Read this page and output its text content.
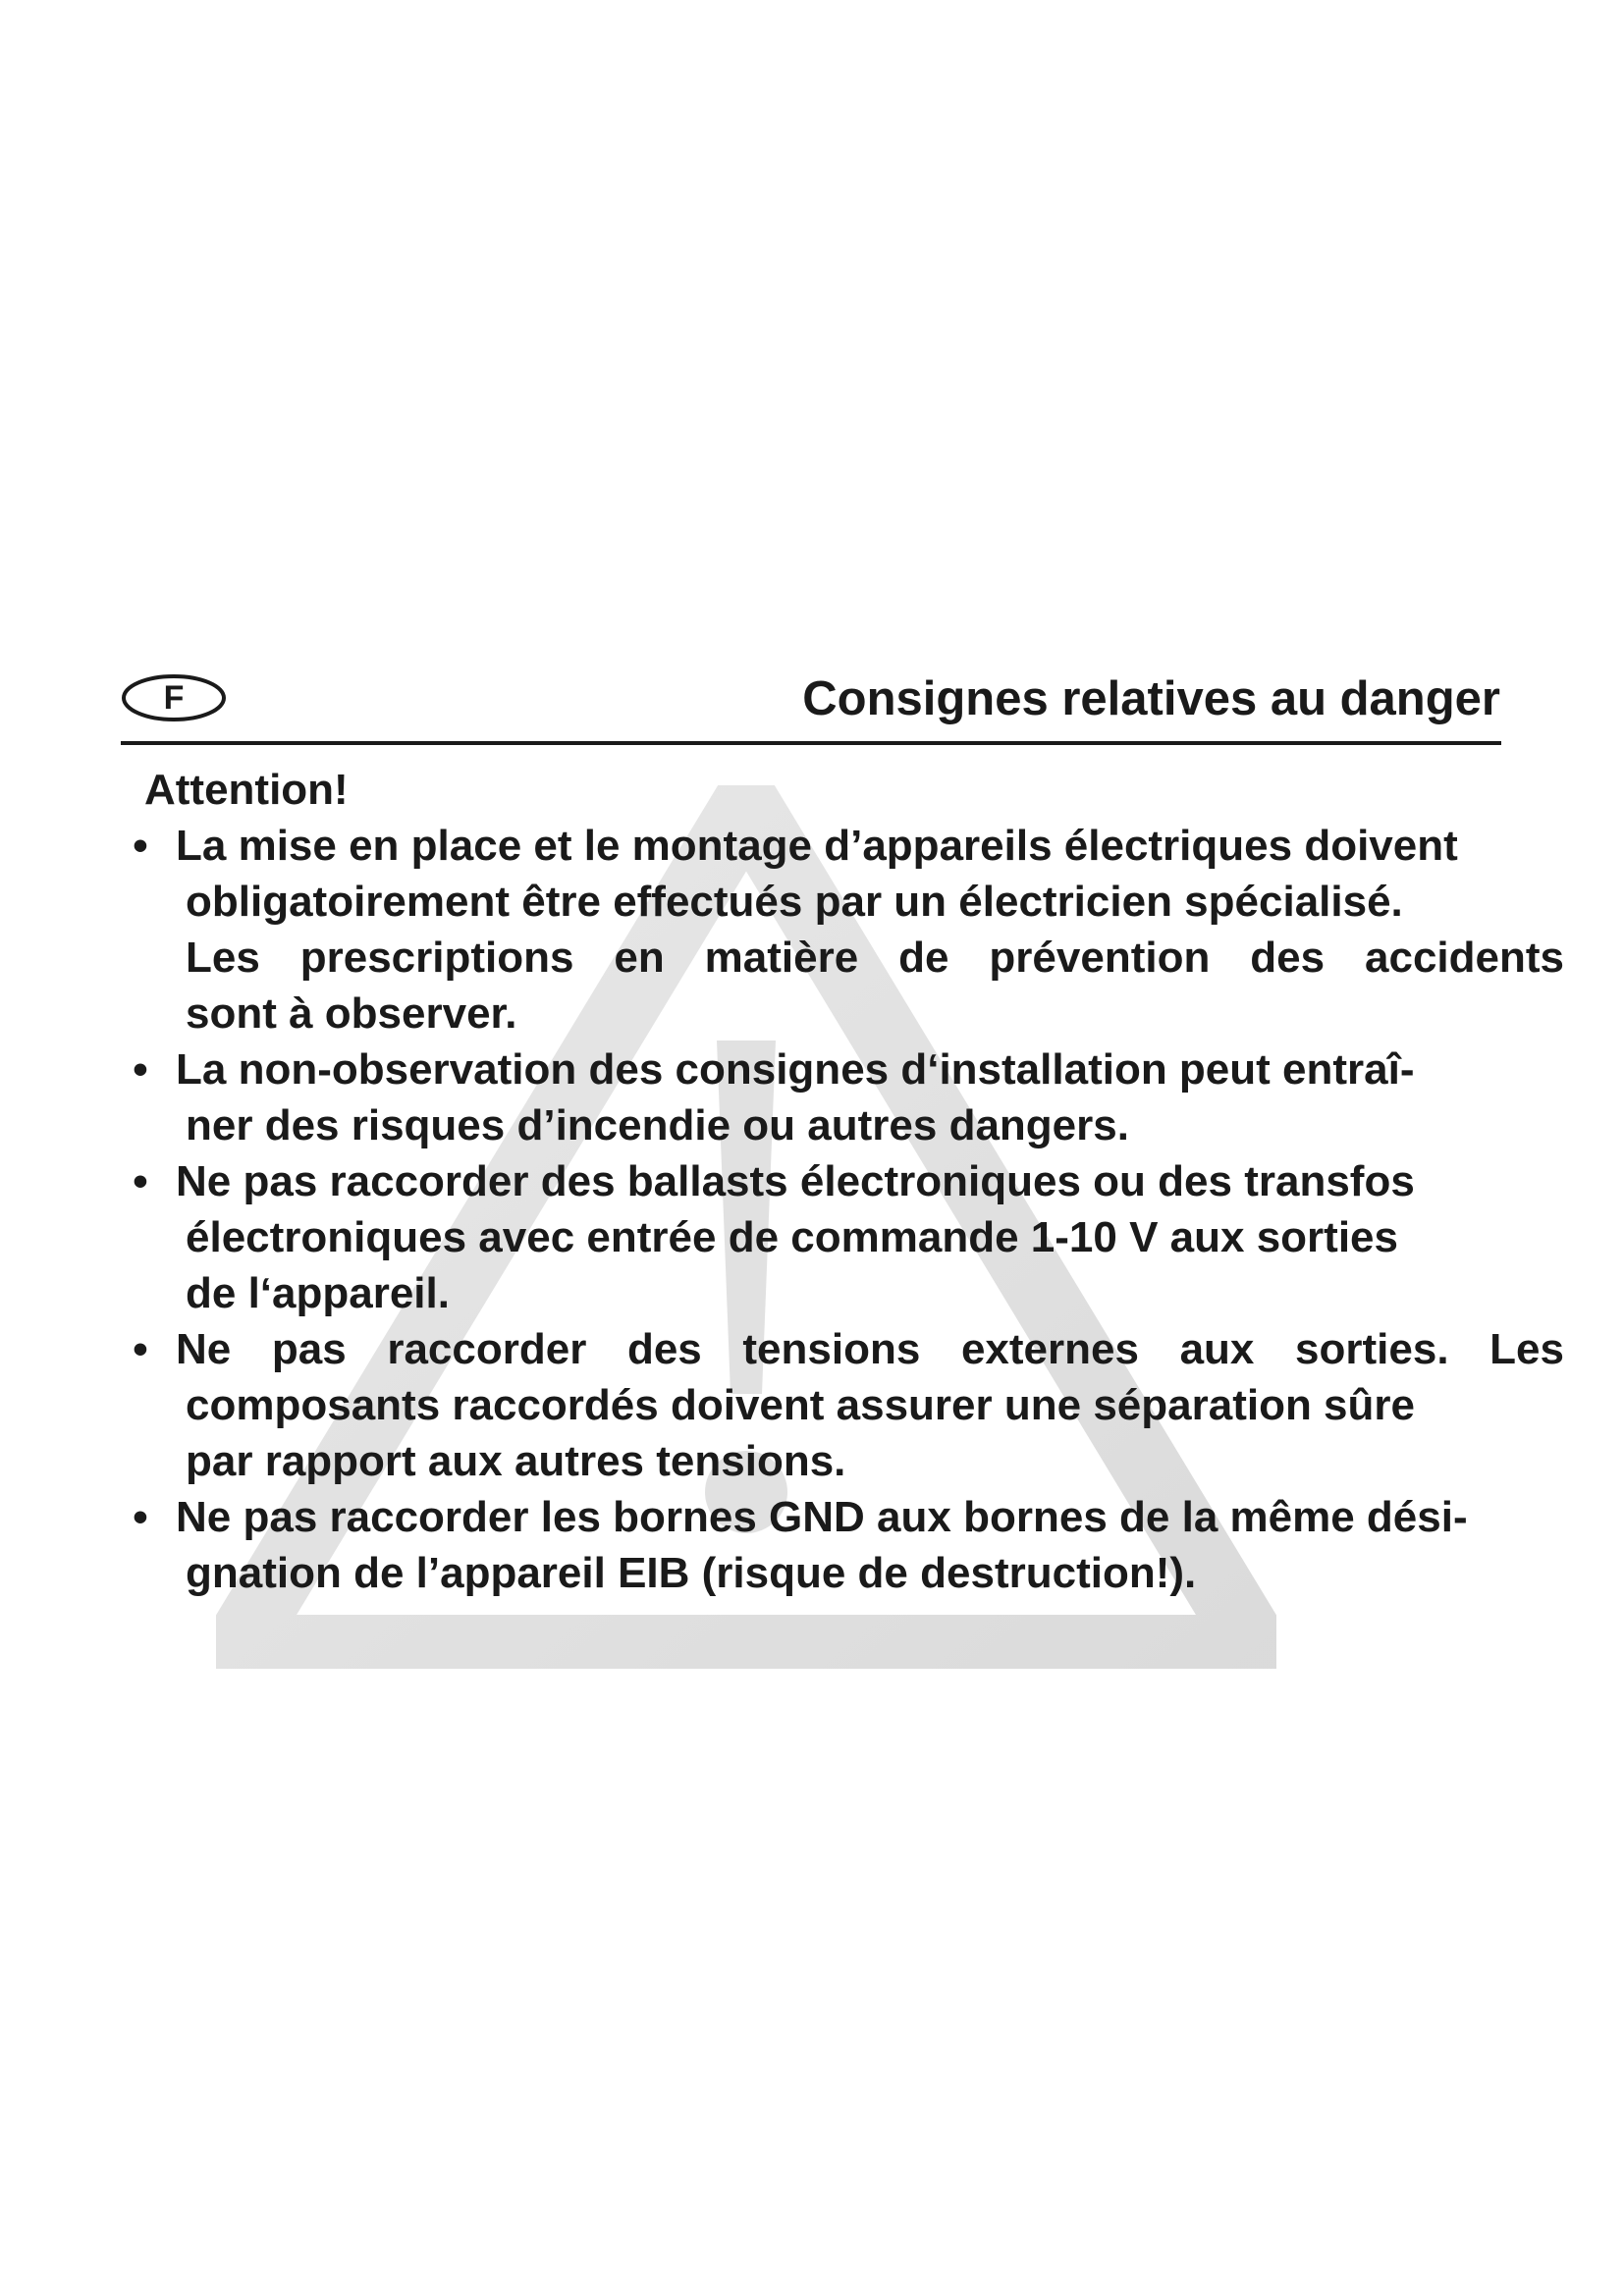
F	Consignes relatives au danger
Attention!
• La mise en place et le montage d’appareils électriques doivent
obligatoirement être effectués par un électricien spécialisé.
Les prescriptions en matière de prévention des accidents
sont à observer.
• La non-observation des consignes d‘installation peut entraî-
ner des risques d’incendie ou autres dangers.
• Ne pas raccorder des ballasts électroniques ou des transfos
électroniques avec entrée de commande 1-10 V aux sorties
de l‘appareil.
• Ne pas raccorder des tensions externes aux sorties. Les
composants raccordés doivent assurer une séparation sûre
par rapport aux autres tensions.
• Ne pas raccorder les bornes GND aux bornes de la même dési-
gnation de l’appareil EIB (risque de destruction!).
